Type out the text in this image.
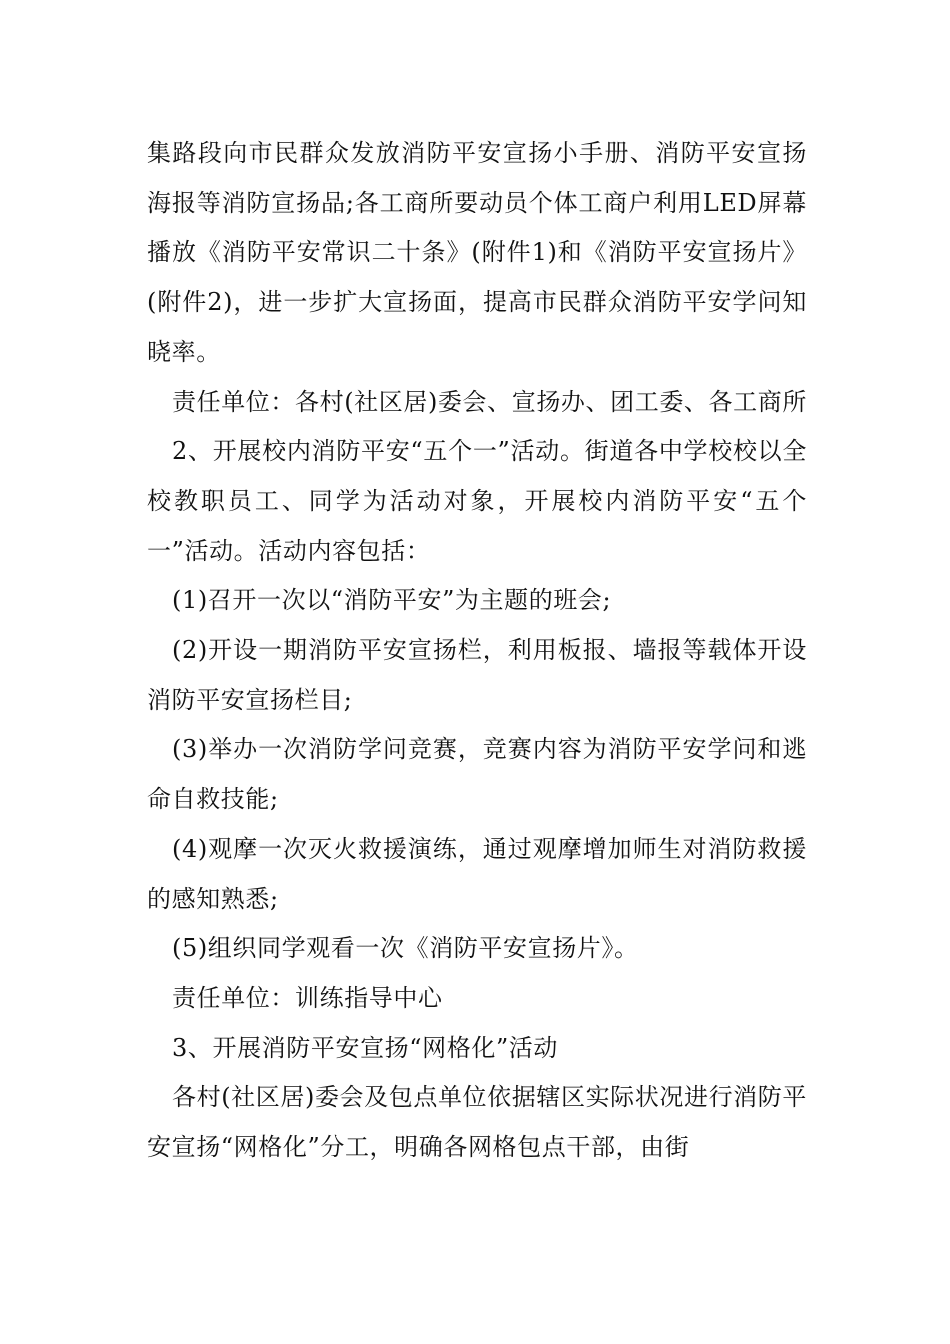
集路段向市民群众发放消防平安宣扬小手册、消防平安宣扬海报等消防宣扬品;各工商所要动员个体工商户利用LED屏幕播放《消防平安常识二十条》(附件1)和《消防平安宣扬片》(附件2)，进一步扩大宣扬面，提高市民群众消防平安学问知晓率。

责任单位：各村(社区居)委会、宣扬办、团工委、各工商所

2、开展校内消防平安“五个一”活动。街道各中学校校以全校教职员工、同学为活动对象，开展校内消防平安“五个一”活动。活动内容包括：

(1)召开一次以“消防平安”为主题的班会;

(2)开设一期消防平安宣扬栏，利用板报、墙报等载体开设消防平安宣扬栏目;

(3)举办一次消防学问竞赛，竞赛内容为消防平安学问和逃命自救技能;

(4)观摩一次灭火救援演练，通过观摩增加师生对消防救援的感知熟悉;

(5)组织同学观看一次《消防平安宣扬片》。

责任单位：训练指导中心

3、开展消防平安宣扬“网格化”活动

各村(社区居)委会及包点单位依据辖区实际状况进行消防平安宣扬“网格化”分工，明确各网格包点干部，由街
